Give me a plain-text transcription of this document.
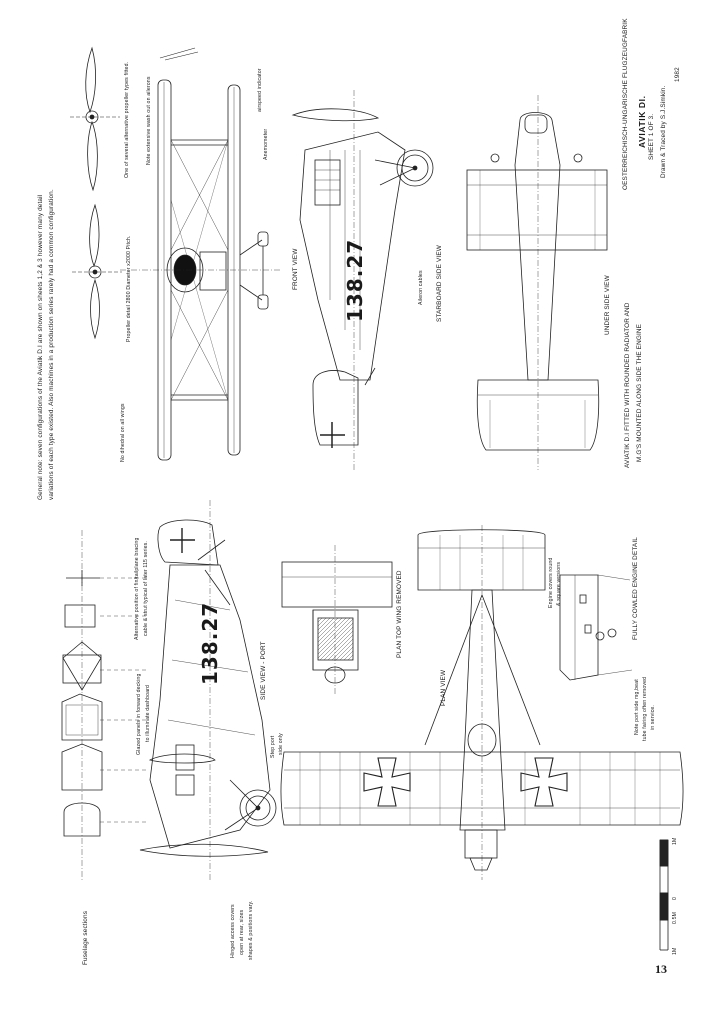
OESTERREICHISCH-UNGARISCHE FLUGZEUGFABRIK AVIATIK DI. SHEET 1 OF 3. Drawn & Traced by S.J.Simkin.
1982
General note: seven configurations of the Aviatik D.I are shown on sheets 1,2 & 3 however many detail variations of each type existed. Also machines in a production series rarely had a common configuration.
One of several alternative propeller types fitted.
Propeller detail 2800 Diameter x2000 Pitch.
Note extensive wash out on ailerons	airspeed indicator
Anemometer
No dihedral on all wings
FRONT VIEW 138.27	Aileron cables STARBOARD SIDE VIEW	UNDER SIDE VIEW AVIATIK D.I FITTED WITH ROUNDED RADIATOR AND M.G'S MOUNTED ALONG SIDE THE ENGINE
Alternative position of fin/tailplane bracing cable & strut typical of later 115 series.
Glazed panels in forward decking to illuminate dashboard
138.27	SIDE VIEW - PORT
Step port side only
Hinged access covers open at rear, sizes shapes & positions vary.
Fuselage sections
PLAN TOP WING REMOVED
PLAN VIEW
Engine covers round & square versions	FULLY COWLED ENGINE DETAIL
Note port side mg,beat tube fairing often removed in service.
1M
0
0.5M
1M
13
